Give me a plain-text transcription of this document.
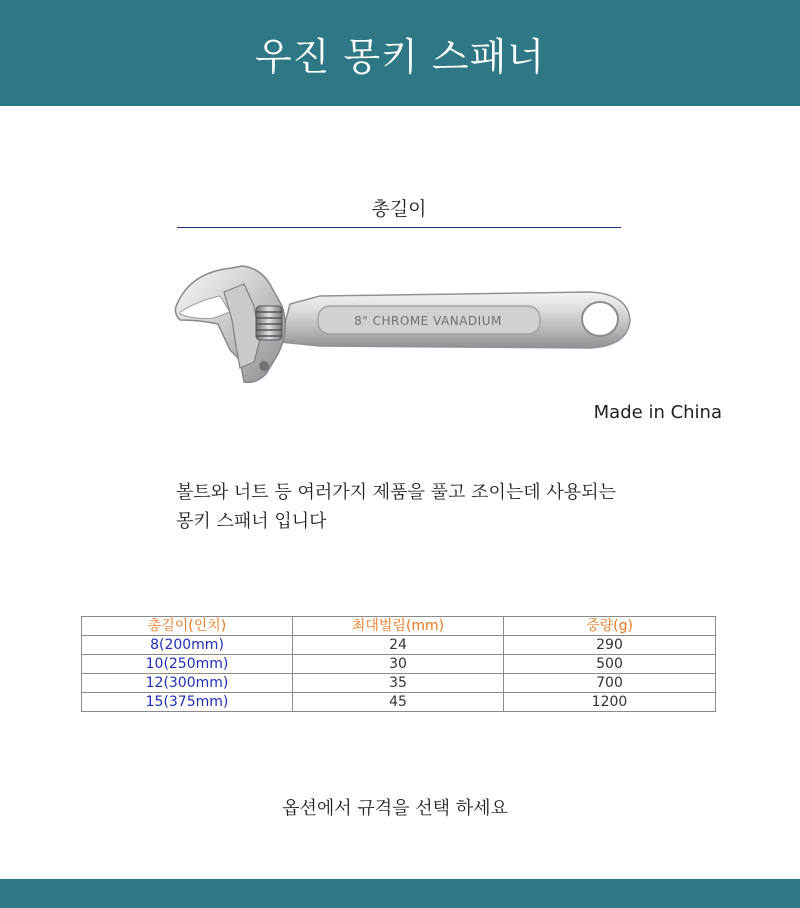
우진 몽키 스패너
총길이
8" CHROME VANADIUM
Made in China

볼트와 너트 등 여러가지 제품을 풀고 조이는데 사용되는

몽키 스패너 입니다

총길이(인치)	최대벌림(mm)	중량(g)
8(200mm)	24	290
10(250mm)	30	500
12(300mm)	35	700
15(375mm)	45	1200
옵션에서 규격을 선택 하세요
